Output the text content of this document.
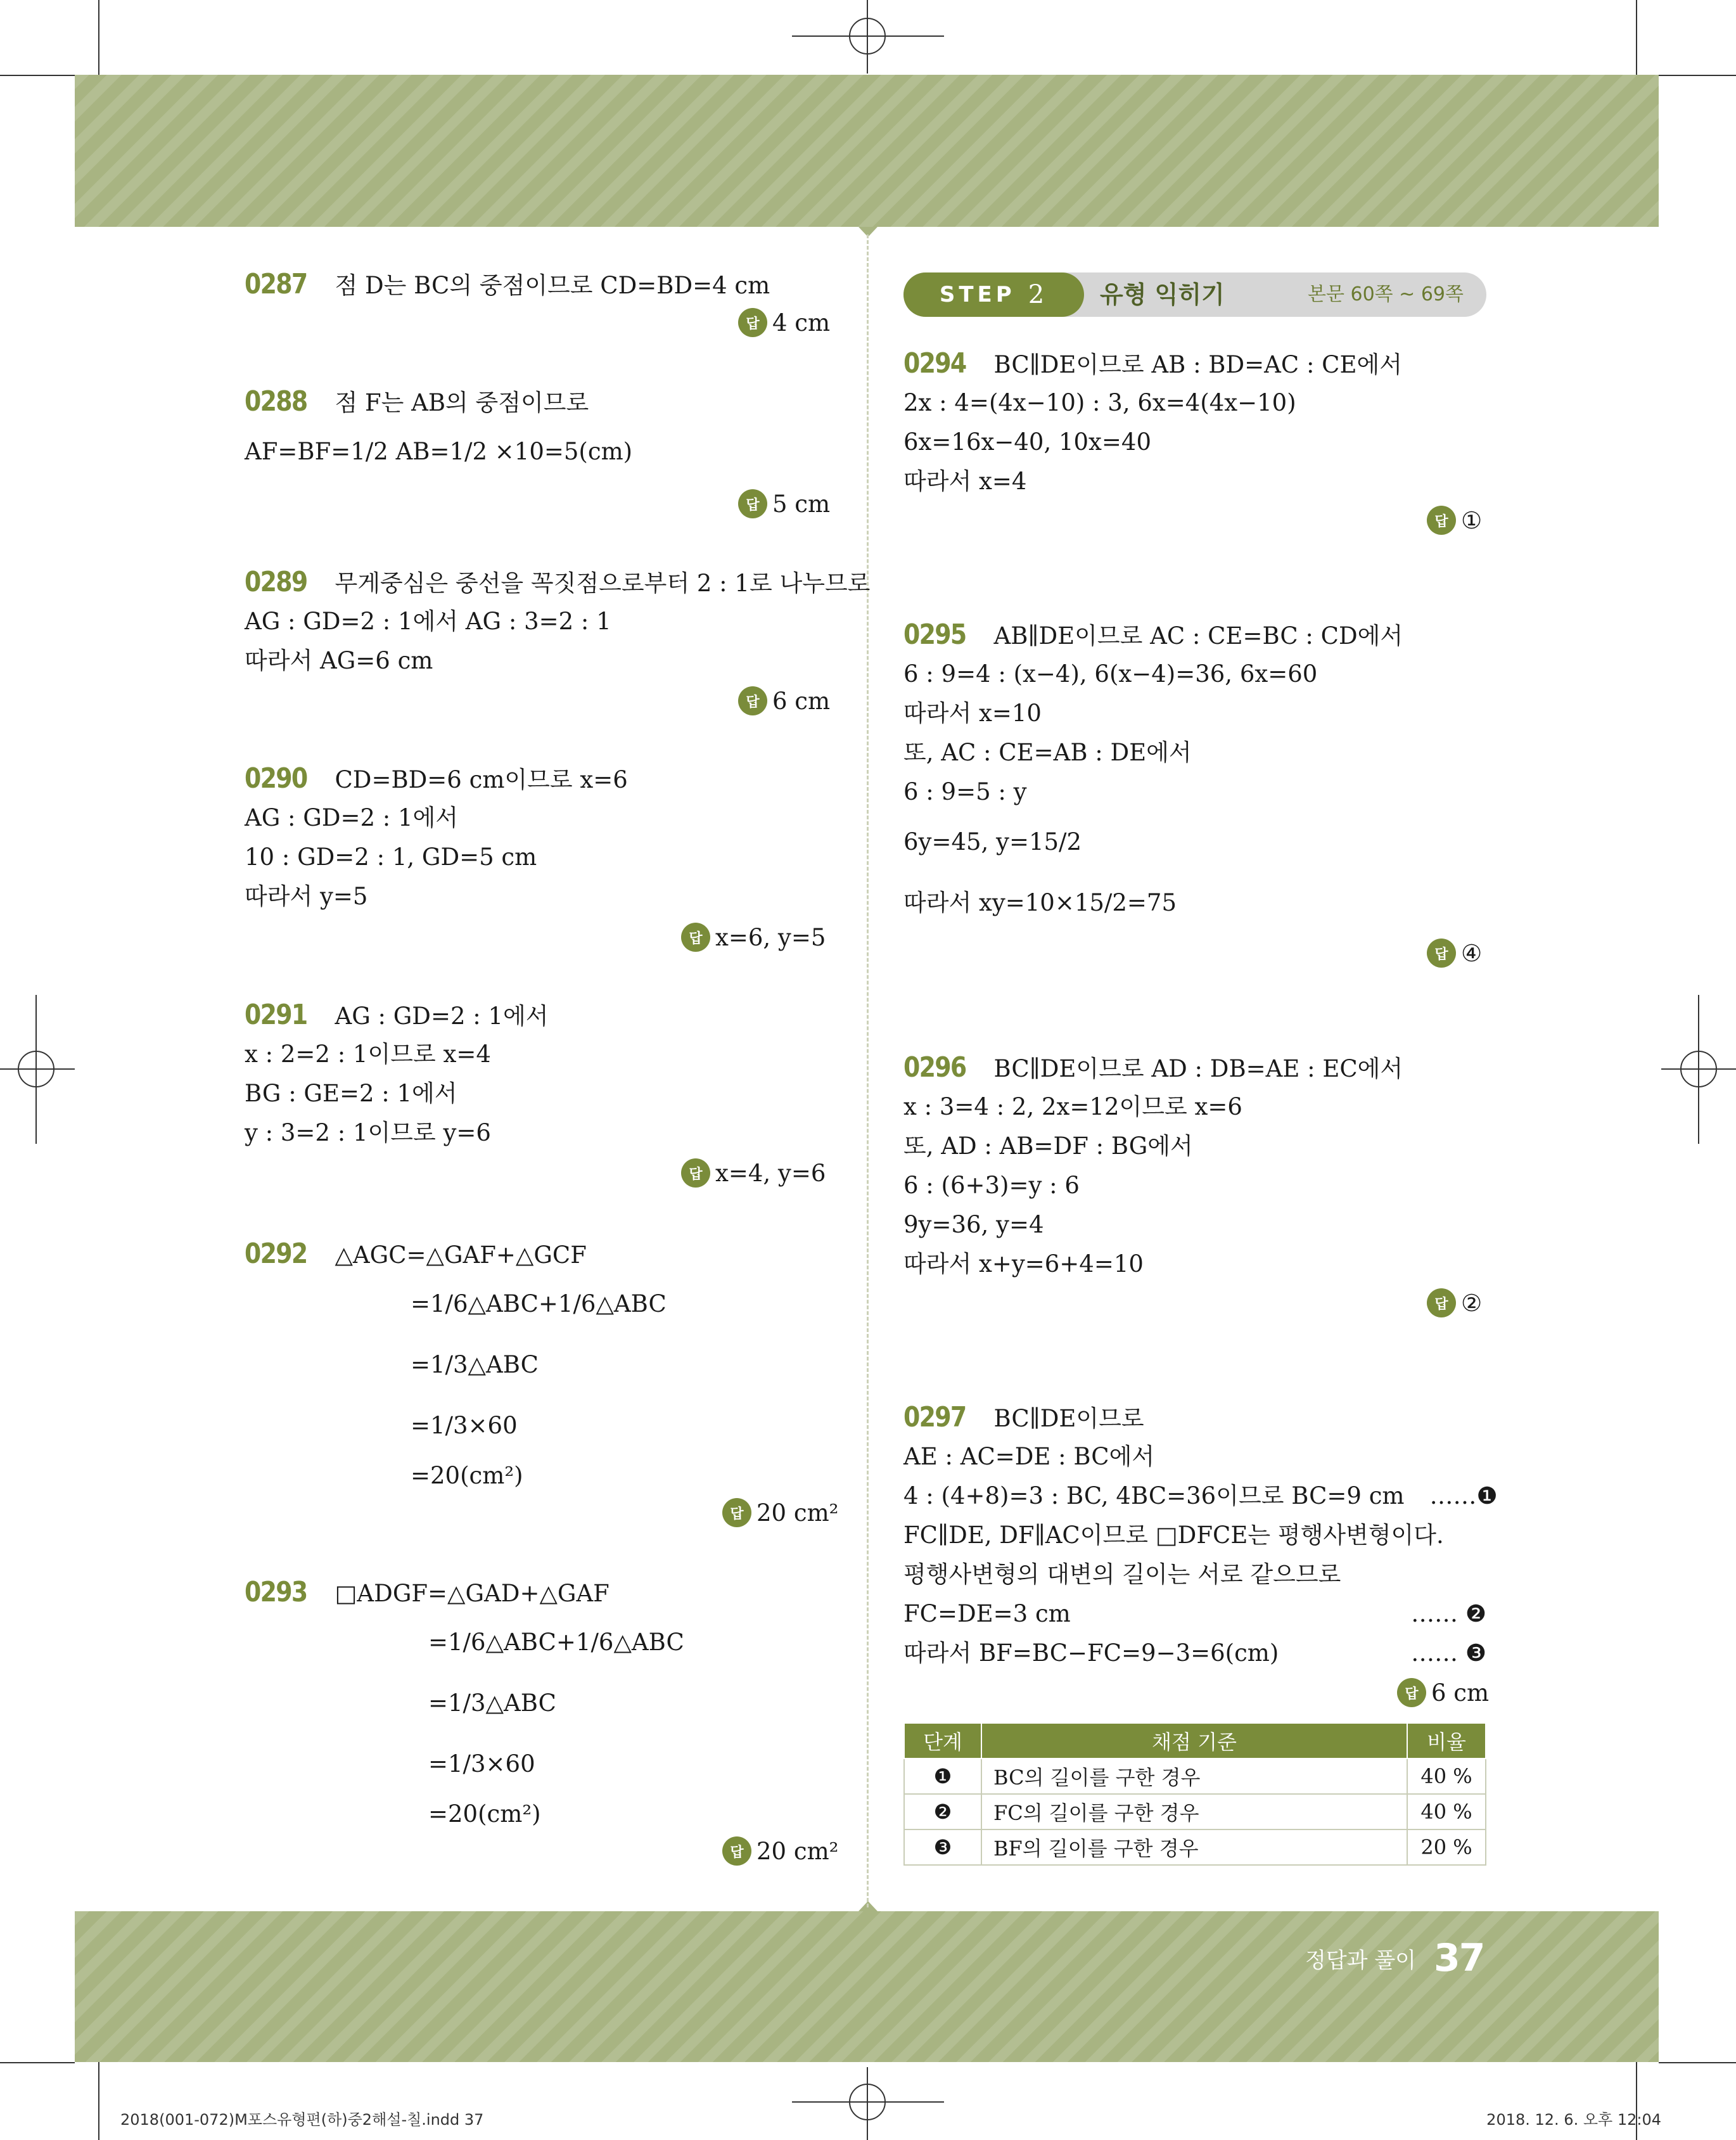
0287 점 D는 BC의 중점이므로 CD=BD=4 cm
답 4 cm
0288 점 F는 AB의 중점이므로
AF=BF=1/2 AB=1/2 ×10=5(cm)
답 5 cm
0289 무게중심은 중선을 꼭짓점으로부터 2 : 1로 나누므로
AG : GD=2 : 1에서 AG : 3=2 : 1
따라서 AG=6 cm
답 6 cm
0290 CD=BD=6 cm이므로 x=6
AG : GD=2 : 1에서
10 : GD=2 : 1, GD=5 cm
따라서 y=5
답 x=6, y=5
0291 AG : GD=2 : 1에서
x : 2=2 : 1이므로 x=4
BG : GE=2 : 1에서
y : 3=2 : 1이므로 y=6
답 x=4, y=6
0292 △AGC=△GAF+△GCF
=1/6△ABC+1/6△ABC
=1/3△ABC
=1/3×60
=20(cm²)
답 20 cm²
0293 □ADGF=△GAD+△GAF
=1/6△ABC+1/6△ABC
=1/3△ABC
=1/3×60
=20(cm²)
답 20 cm²
STEP 2 유형 익히기	본문 60쪽 ~ 69쪽
0294 BC∥DE이므로 AB : BD=AC : CE에서
2x : 4=(4x−10) : 3, 6x=4(4x−10)
6x=16x−40, 10x=40
따라서 x=4
답 ①
0295 AB∥DE이므로 AC : CE=BC : CD에서
6 : 9=4 : (x−4), 6(x−4)=36, 6x=60
따라서 x=10
또, AC : CE=AB : DE에서
6 : 9=5 : y
6y=45, y=15/2
따라서 xy=10×15/2=75
답 ④
0296 BC∥DE이므로 AD : DB=AE : EC에서
x : 3=4 : 2, 2x=12이므로 x=6
또, AD : AB=DF : BG에서
6 : (6+3)=y : 6
9y=36, y=4
따라서 x+y=6+4=10
답 ②
0297 BC∥DE이므로
AE : AC=DE : BC에서
4 : (4+8)=3 : BC, 4BC=36이므로 BC=9 cm ……❶
FC∥DE, DF∥AC이므로 □DFCE는 평행사변형이다.
평행사변형의 대변의 길이는 서로 같으므로
FC=DE=3 cm	…… ❷
따라서 BF=BC−FC=9−3=6(cm)	…… ❸
답 6 cm
단계	채점 기준	비율
❶	BC의 길이를 구한 경우	40 %
❷	FC의 길이를 구한 경우	40 %
❸	BF의 길이를 구한 경우	20 %
정답과 풀이 37
2018(001-072)M포스유형편(하)중2해설-칠.indd 37	2018. 12. 6. 오후 12:04
